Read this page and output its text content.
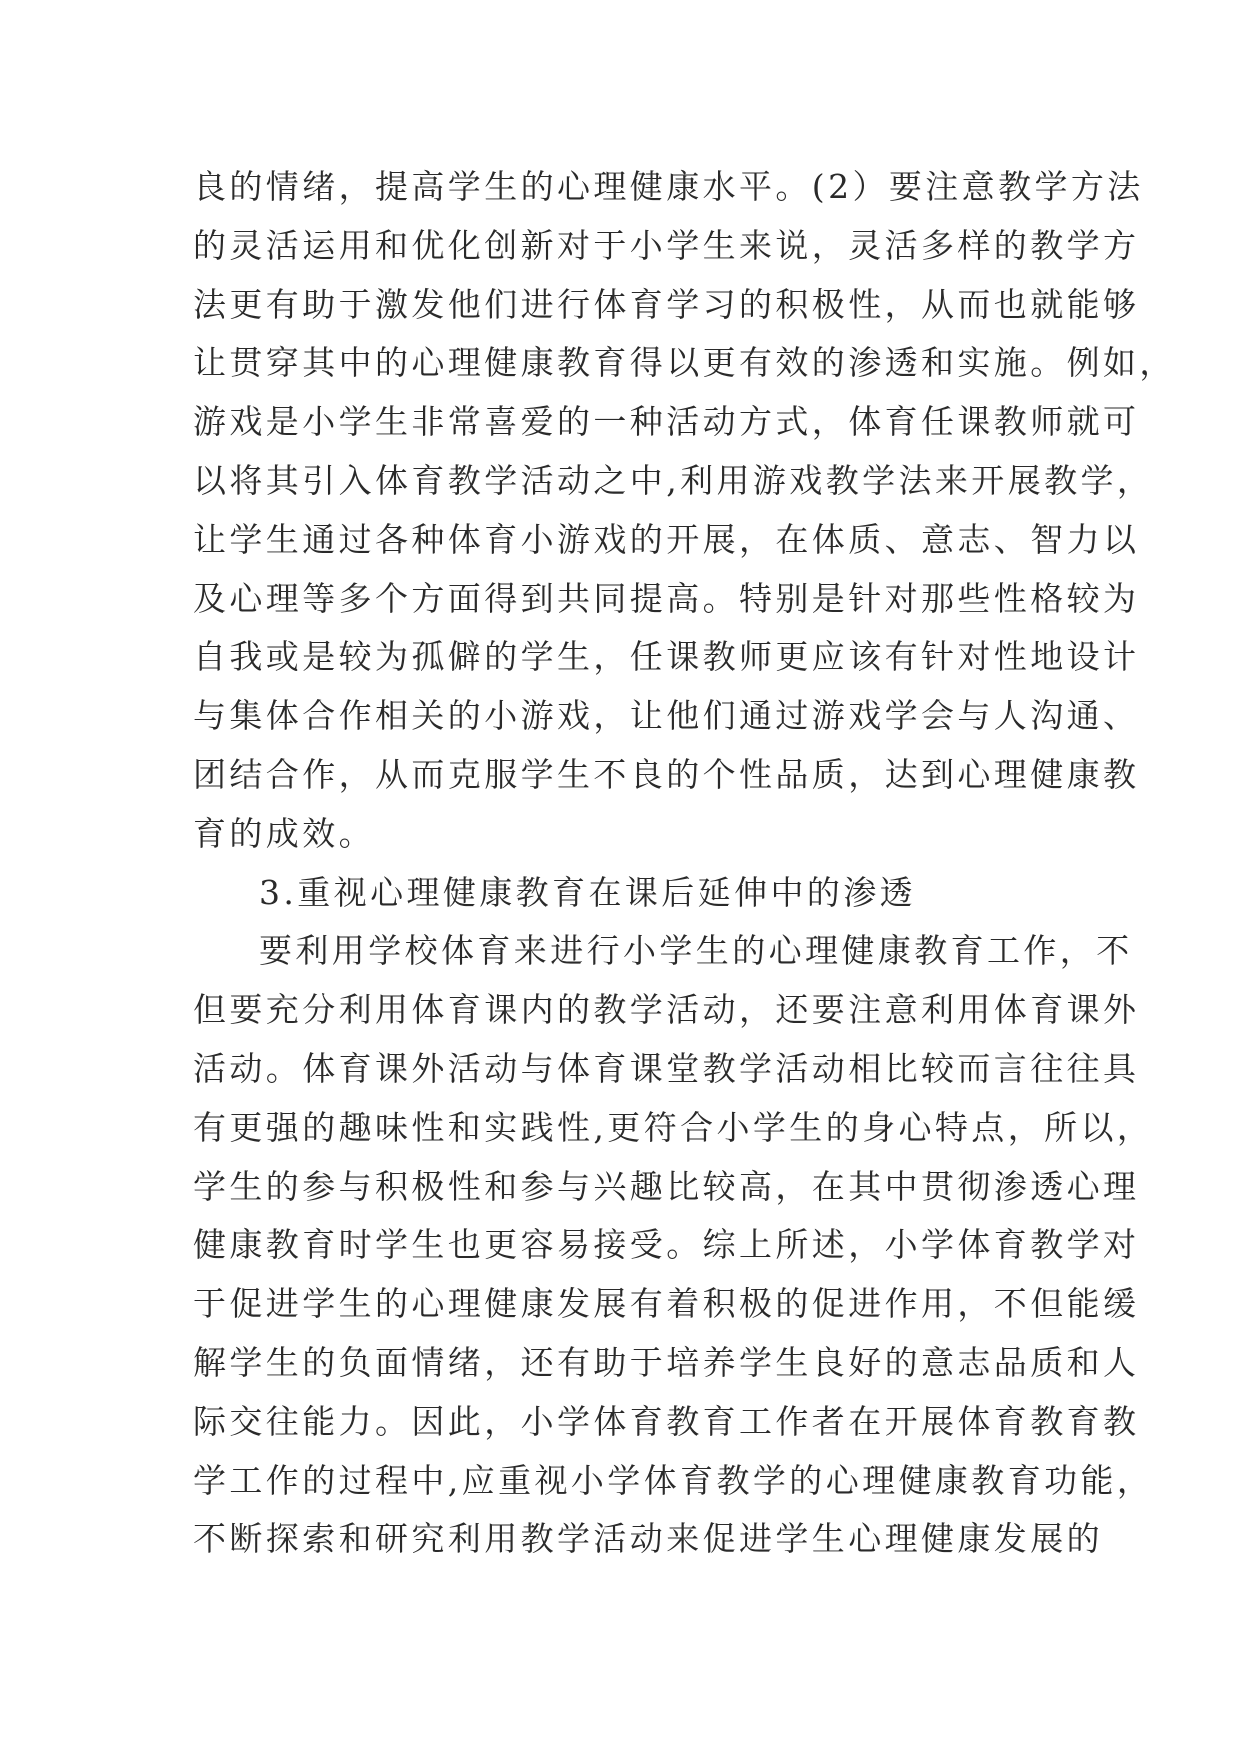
良的情绪，提高学生的心理健康水平。(2）要注意教学方法
的灵活运用和优化创新对于小学生来说，灵活多样的教学方
法更有助于激发他们进行体育学习的积极性，从而也就能够
让贯穿其中的心理健康教育得以更有效的渗透和实施。例如，
游戏是小学生非常喜爱的一种活动方式，体育任课教师就可
以将其引入体育教学活动之中,利用游戏教学法来开展教学，
让学生通过各种体育小游戏的开展，在体质、意志、智力以
及心理等多个方面得到共同提高。特别是针对那些性格较为
自我或是较为孤僻的学生，任课教师更应该有针对性地设计
与集体合作相关的小游戏，让他们通过游戏学会与人沟通、
团结合作，从而克服学生不良的个性品质，达到心理健康教
育的成效。
3.重视心理健康教育在课后延伸中的渗透
要利用学校体育来进行小学生的心理健康教育工作，不
但要充分利用体育课内的教学活动，还要注意利用体育课外
活动。体育课外活动与体育课堂教学活动相比较而言往往具
有更强的趣味性和实践性,更符合小学生的身心特点，所以，
学生的参与积极性和参与兴趣比较高，在其中贯彻渗透心理
健康教育时学生也更容易接受。综上所述，小学体育教学对
于促进学生的心理健康发展有着积极的促进作用，不但能缓
解学生的负面情绪，还有助于培养学生良好的意志品质和人
际交往能力。因此，小学体育教育工作者在开展体育教育教
学工作的过程中,应重视小学体育教学的心理健康教育功能，
不断探索和研究利用教学活动来促进学生心理健康发展的
